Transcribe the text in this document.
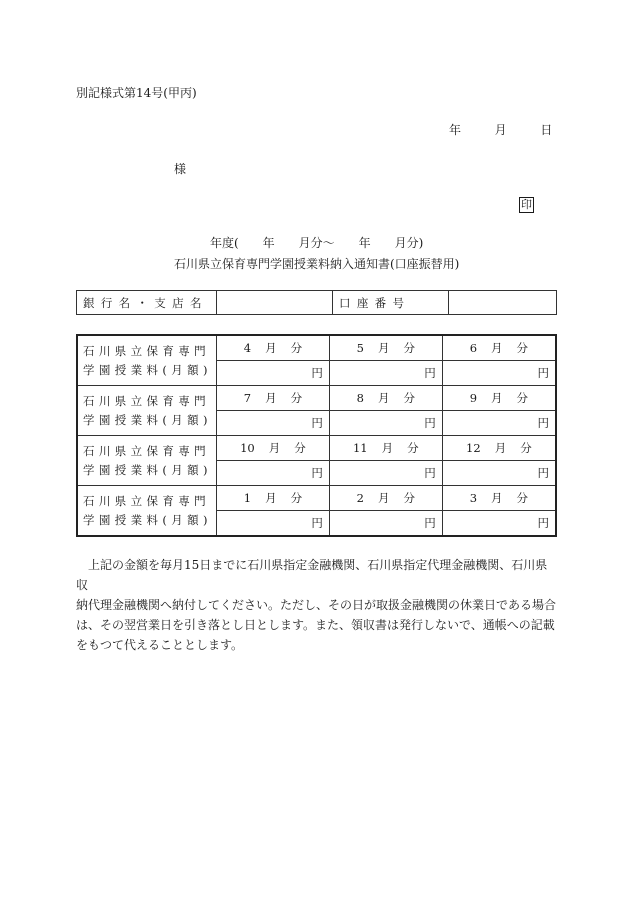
別記様式第14号(甲丙)
年	月	日
様
印
年度(　　年　　月分〜　　年　　月分)
石川県立保育専門学園授業料納入通知書(口座振替用)
銀行名・支店名		口座番号	
石川県立保育専門
学園授業料(月額)	4 月 分	5 月 分	6 月 分
	円	円	円

石川県立保育専門
学園授業料(月額)	7 月 分	8 月 分	9 月 分
	円	円	円

石川県立保育専門
学園授業料(月額)	10 月 分	11 月 分	12 月 分
	円	円	円

石川県立保育専門
学園授業料(月額)	1 月 分	2 月 分	3 月 分
	円	円	円
上記の金額を毎月15日までに石川県指定金融機関、石川県指定代理金融機関、石川県収
納代理金融機関へ納付してください。ただし、その日が取扱金融機関の休業日である場合
は、その翌営業日を引き落とし日とします。また、領収書は発行しないで、通帳への記載
をもつて代えることとします。
